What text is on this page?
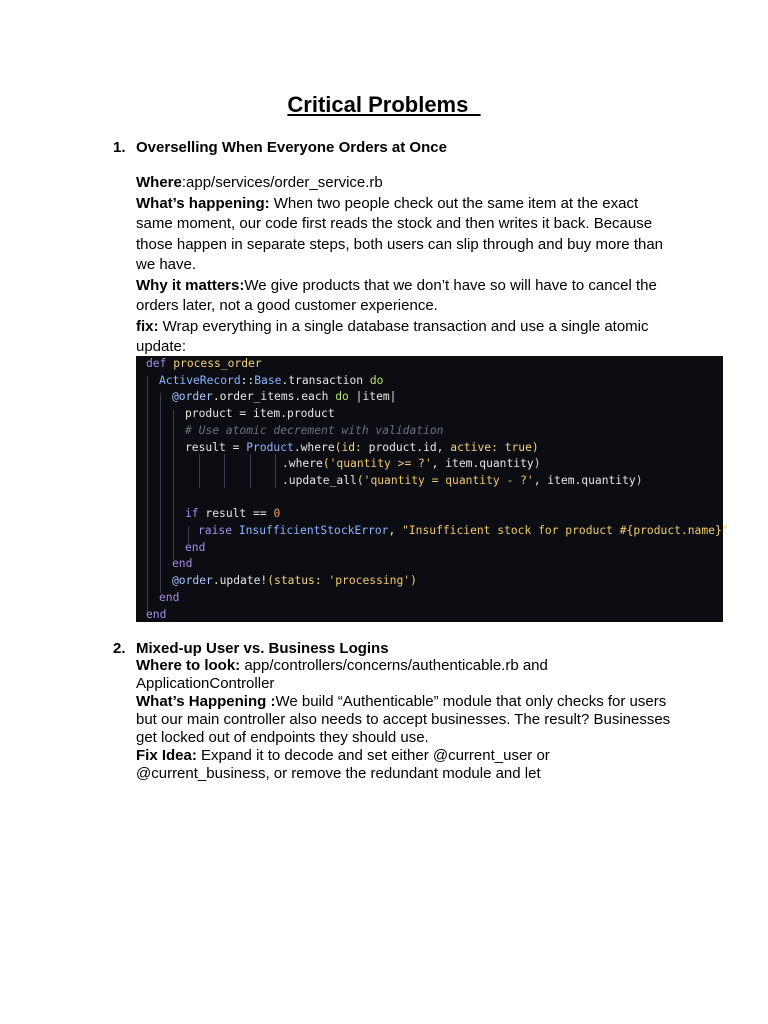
Critical Problems
1. Overselling When Everyone Orders at Once
Where:app/services/order_service.rb
What’s happening: When two people check out the same item at the exact
same moment, our code first reads the stock and then writes it back. Because
those happen in separate steps, both users can slip through and buy more than
we have.
Why it matters:We give products that we don’t have so will have to cancel the
orders later, not a good customer experience.
fix: Wrap everything in a single database transaction and use a single atomic
update:
def process_order
ActiveRecord::Base.transaction do
@order.order_items.each do |item|
product = item.product
# Use atomic decrement with validation
result = Product.where(id: product.id, active: true)
.where('quantity >= ?', item.quantity)
.update_all('quantity = quantity - ?', item.quantity)
if result == 0
raise InsufficientStockError, "Insufficient stock for product #{product.name}"
end
end
@order.update!(status: 'processing')
end
end
2. Mixed-up User vs. Business Logins
Where to look: app/controllers/concerns/authenticable.rb and
ApplicationController
What’s Happening :We build “Authenticable” module that only checks for users
but our main controller also needs to accept businesses. The result? Businesses
get locked out of endpoints they should use.
Fix Idea: Expand it to decode and set either @current_user or
@current_business, or remove the redundant module and let
